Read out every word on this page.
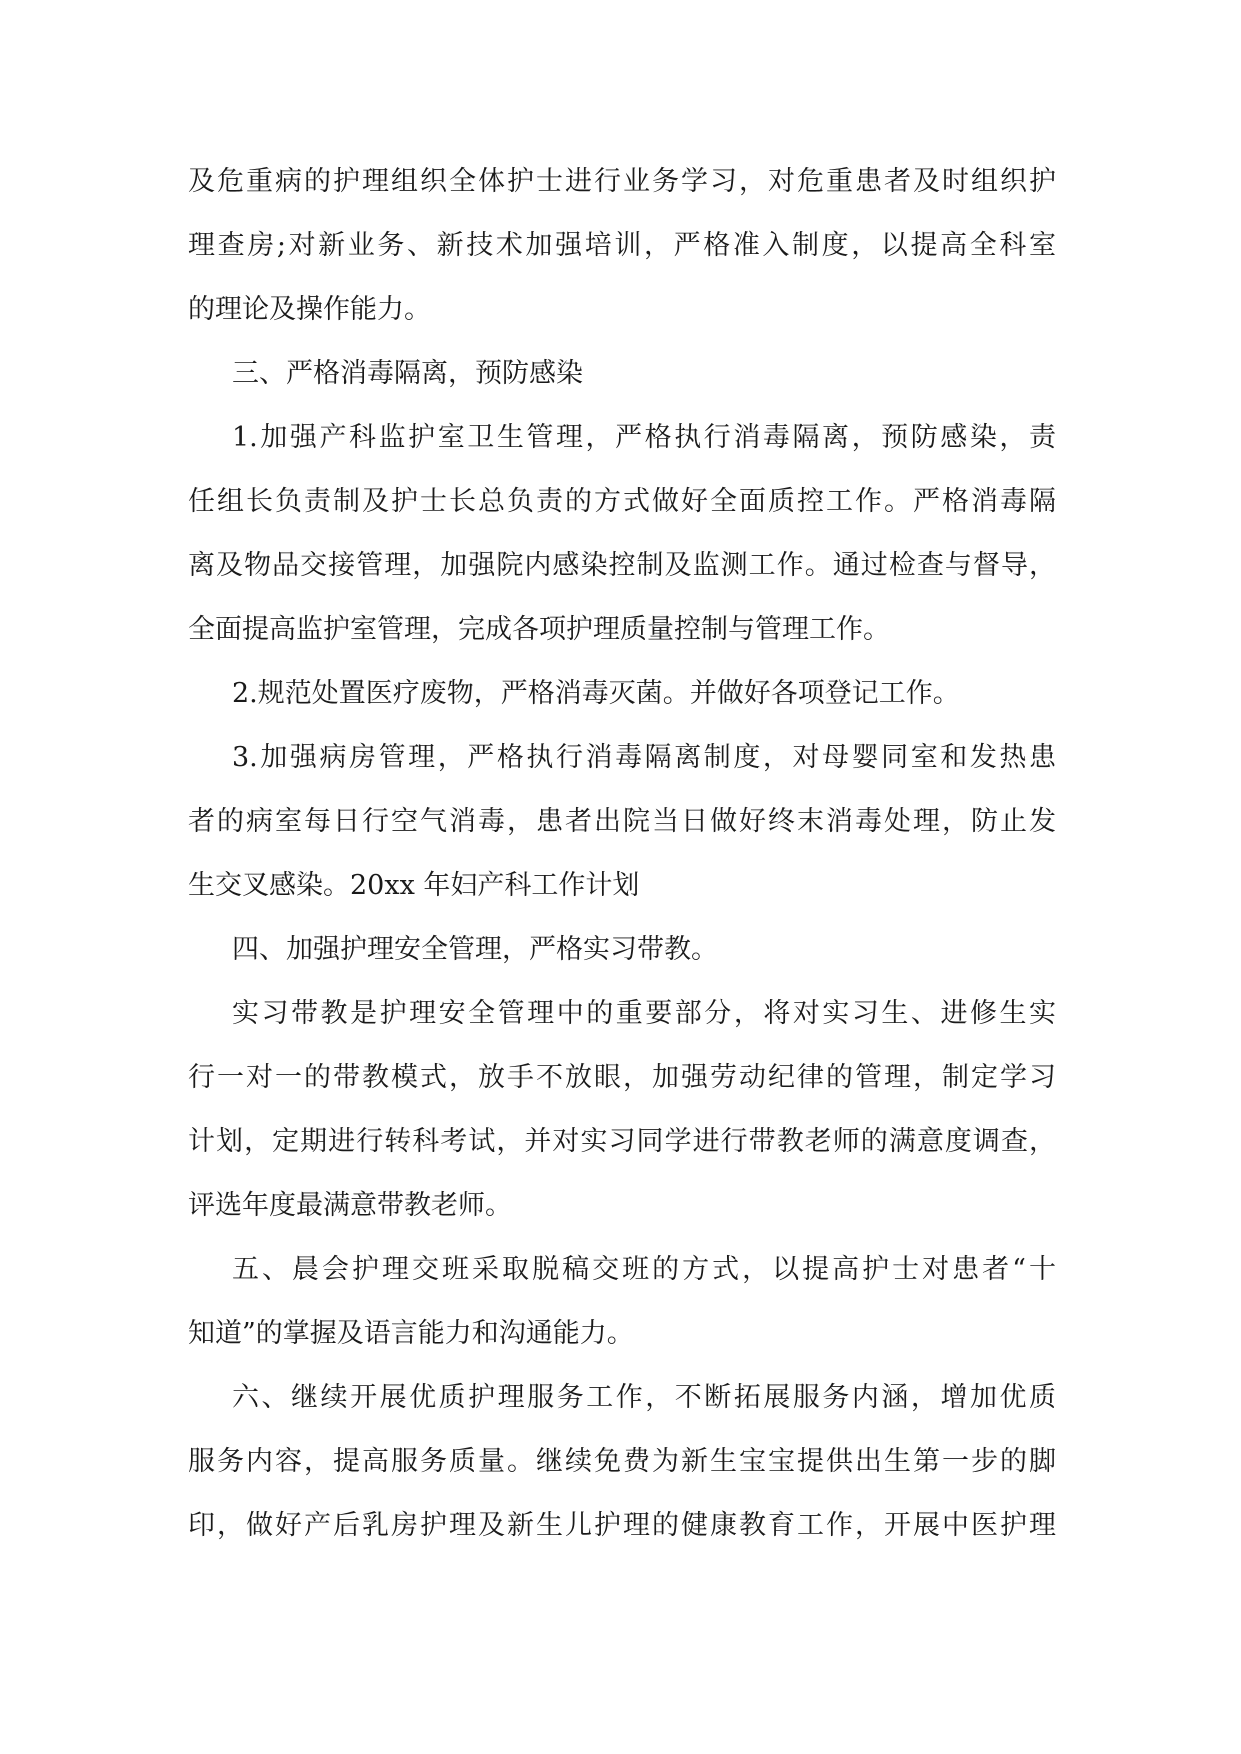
及危重病的护理组织全体护士进行业务学习，对危重患者及时组织护
理查房;对新业务、新技术加强培训，严格准入制度，以提高全科室
的理论及操作能力。
三、严格消毒隔离，预防感染
1.加强产科监护室卫生管理，严格执行消毒隔离，预防感染，责
任组长负责制及护士长总负责的方式做好全面质控工作。严格消毒隔
离及物品交接管理，加强院内感染控制及监测工作。通过检查与督导，
全面提高监护室管理，完成各项护理质量控制与管理工作。
2.规范处置医疗废物，严格消毒灭菌。并做好各项登记工作。
3.加强病房管理，严格执行消毒隔离制度，对母婴同室和发热患
者的病室每日行空气消毒，患者出院当日做好终末消毒处理，防止发
生交叉感染。20xx 年妇产科工作计划
四、加强护理安全管理，严格实习带教。
实习带教是护理安全管理中的重要部分，将对实习生、进修生实
行一对一的带教模式，放手不放眼，加强劳动纪律的管理，制定学习
计划，定期进行转科考试，并对实习同学进行带教老师的满意度调查，
评选年度最满意带教老师。
五、晨会护理交班采取脱稿交班的方式，以提高护士对患者“十
知道”的掌握及语言能力和沟通能力。
六、继续开展优质护理服务工作，不断拓展服务内涵，增加优质
服务内容，提高服务质量。继续免费为新生宝宝提供出生第一步的脚
印，做好产后乳房护理及新生儿护理的健康教育工作，开展中医护理
